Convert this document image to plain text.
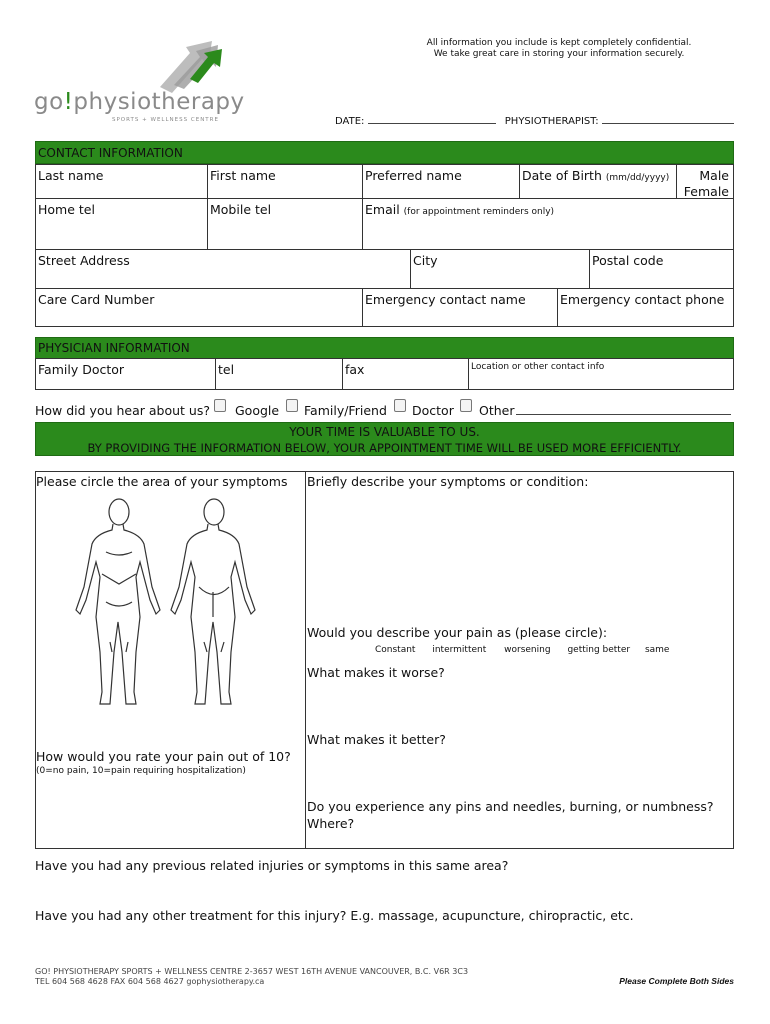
go!physiotherapy
SPORTS + WELLNESS CENTRE
All information you include is kept completely confidential.
We take great care in storing your information securely.
DATE:	PHYSIOTHERAPIST:
CONTACT INFORMATION
Last name	First name	Preferred name	Date of Birth (mm/dd/yyyy)	Male
Female
Home tel	Mobile tel	Email (for appointment reminders only)
Street Address	City	Postal code
Care Card Number	Emergency contact name	Emergency contact phone
PHYSICIAN INFORMATION
Family Doctor	tel	fax	Location or other contact info
How did you hear about us? Google Family/Friend Doctor Other
YOUR TIME IS VALUABLE TO US.
BY PROVIDING THE INFORMATION BELOW, YOUR APPOINTMENT TIME WILL BE USED MORE EFFICIENTLY.
Please circle the area of your symptoms Briefly describe your symptoms or condition:
Would you describe your pain as (please circle):
Constant intermittent worsening getting better same
What makes it worse?
What makes it better?
How would you rate your pain out of 10?
(0=no pain, 10=pain requiring hospitalization)
Do you experience any pins and needles, burning, or numbness?
Where?
Have you had any previous related injuries or symptoms in this same area?
Have you had any other treatment for this injury? E.g. massage, acupuncture, chiropractic, etc.
GO! PHYSIOTHERAPY SPORTS + WELLNESS CENTRE 2-3657 WEST 16TH AVENUE VANCOUVER, B.C. V6R 3C3
TEL 604 568 4628 FAX 604 568 4627 gophysiotherapy.ca	Please Complete Both Sides
